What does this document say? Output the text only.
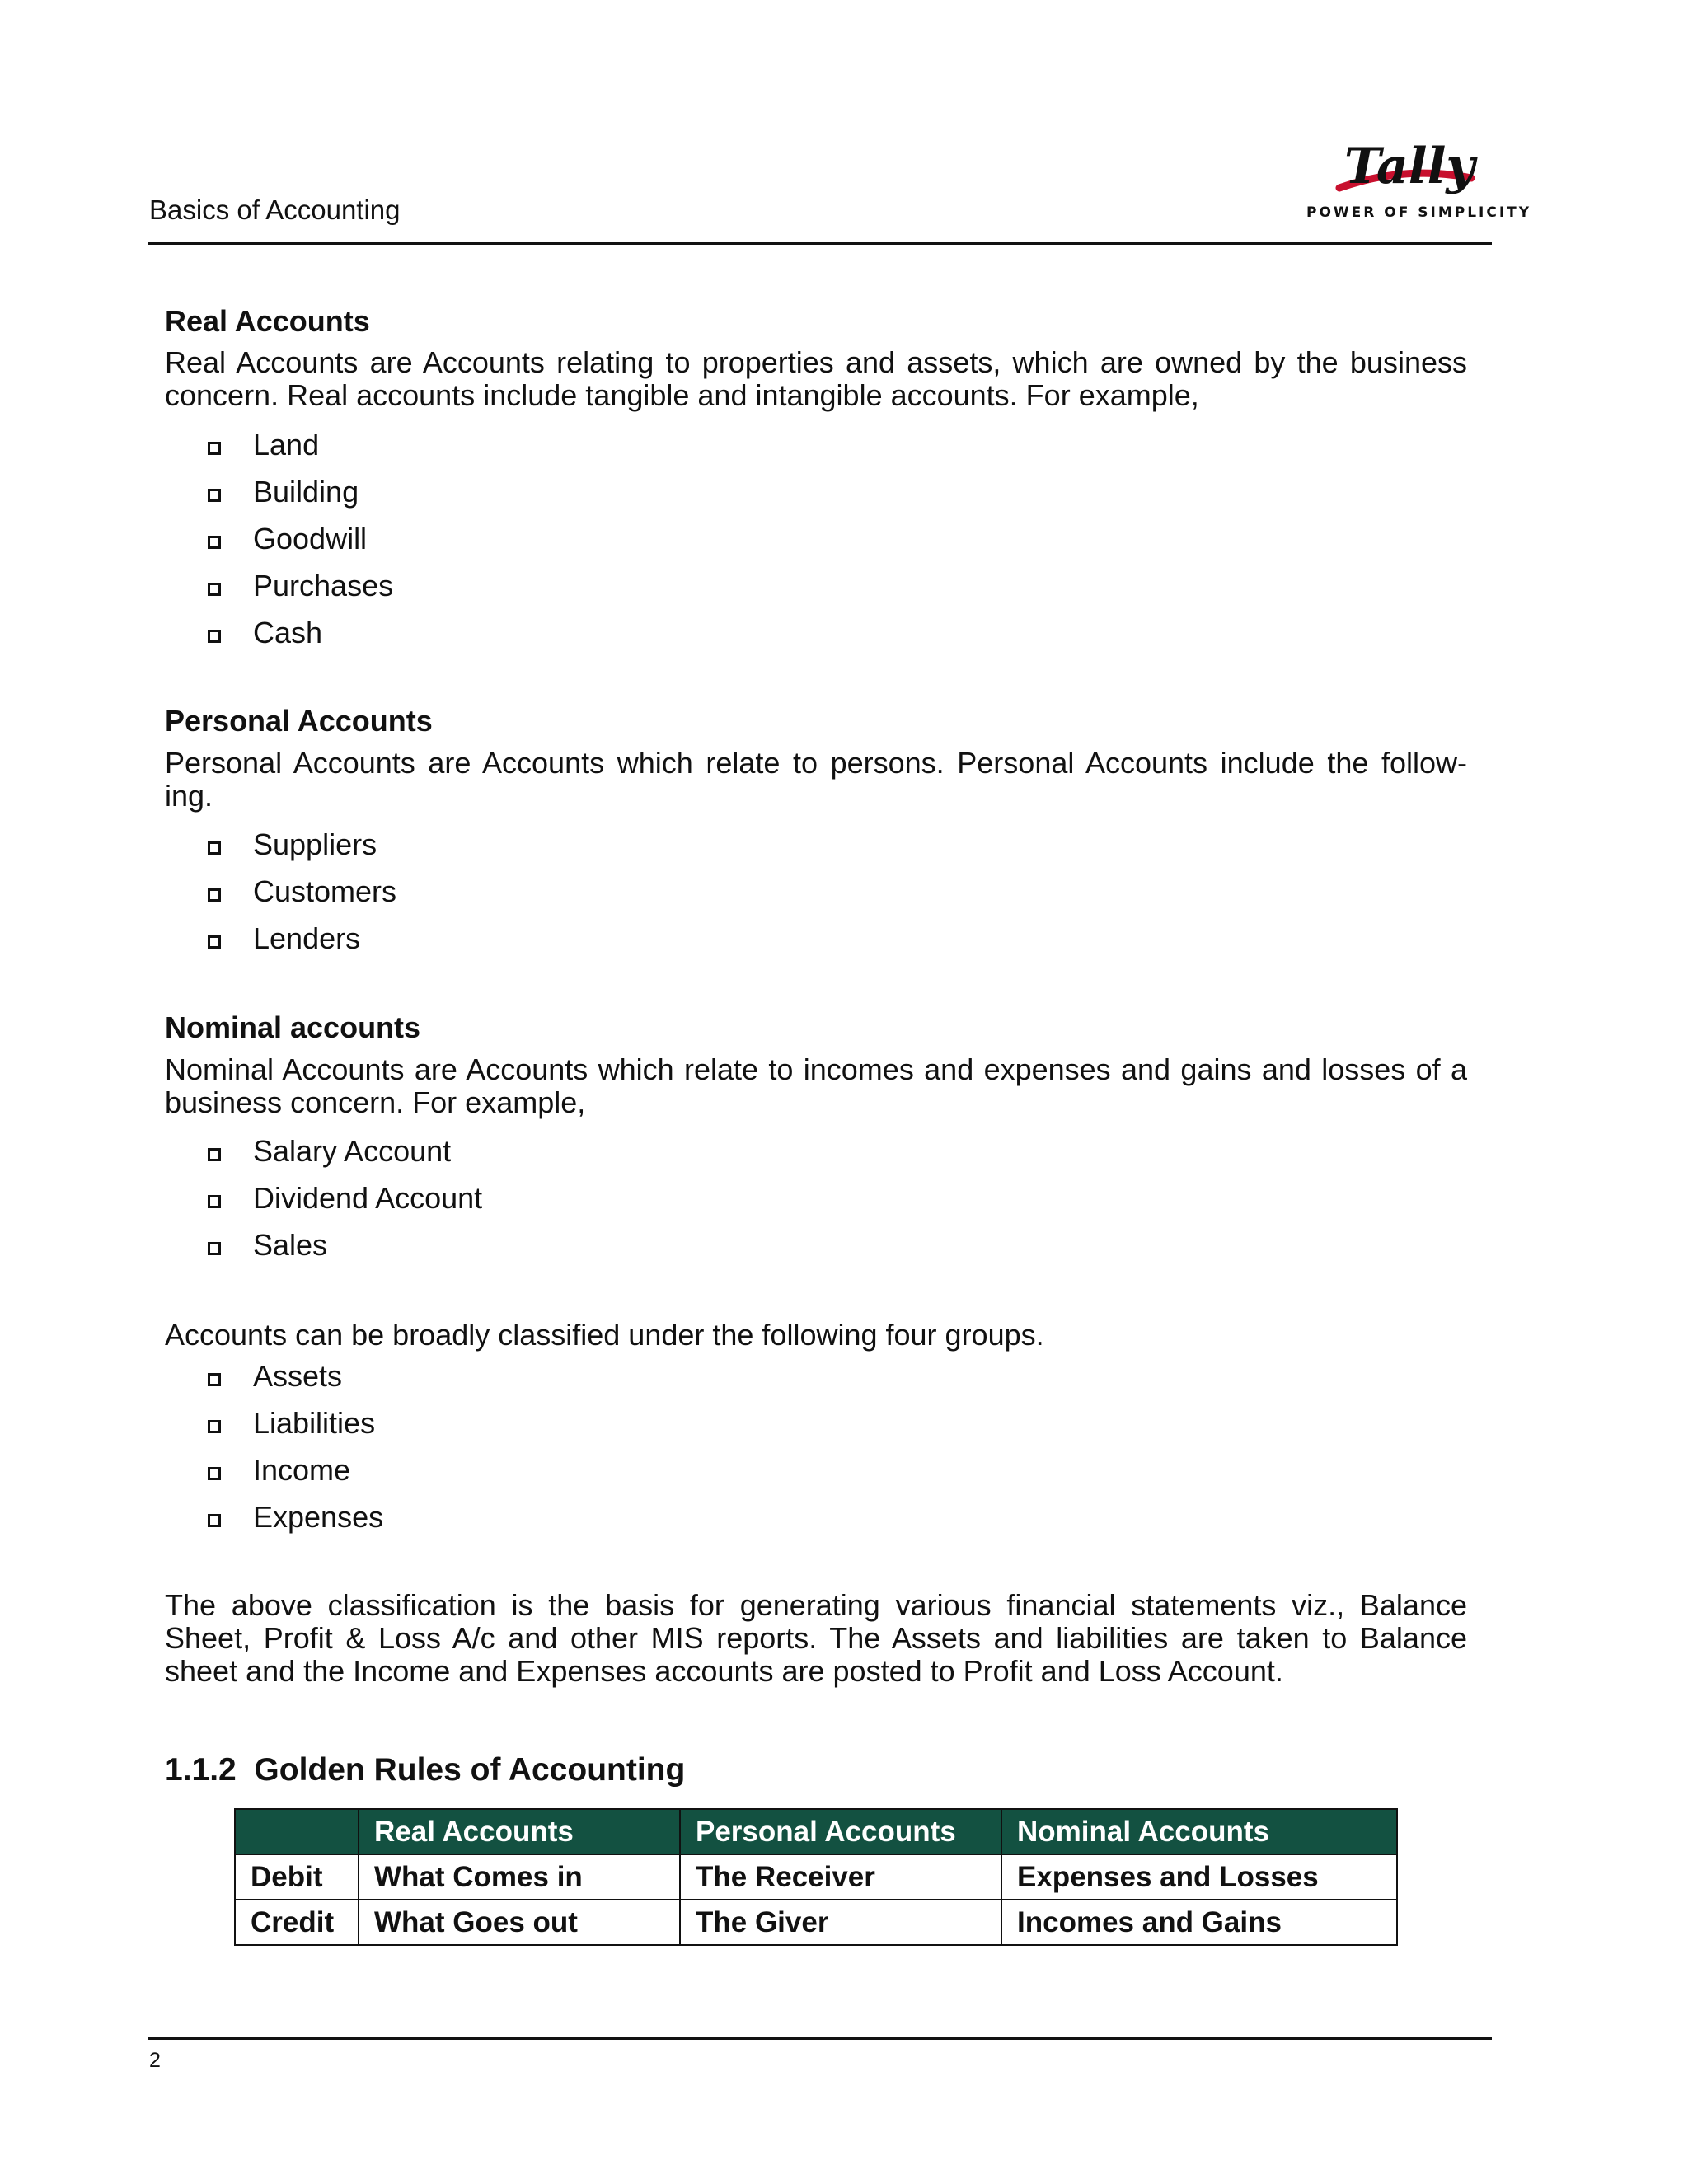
Basics of Accounting
Tally
POWER OF SIMPLICITY
Real Accounts
Real Accounts are Accounts relating to properties and assets, which are owned by the business concern. Real accounts include tangible and intangible accounts. For example,
Land
Building
Goodwill
Purchases
Cash
Personal Accounts
Personal Accounts are Accounts which relate to persons. Personal Accounts include the follow- ing.
Suppliers
Customers
Lenders
Nominal accounts
Nominal Accounts are Accounts which relate to incomes and expenses and gains and losses of a business concern. For example,
Salary Account
Dividend Account
Sales
Accounts can be broadly classified under the following four groups.
Assets
Liabilities
Income
Expenses
The above classification is the basis for generating various financial statements viz., Balance Sheet, Profit & Loss A/c and other MIS reports. The Assets and liabilities are taken to Balance sheet and the Income and Expenses accounts are posted to Profit and Loss Account.
1.1.2 Golden Rules of Accounting
	Real Accounts	Personal Accounts	Nominal Accounts
Debit	What Comes in	The Receiver	Expenses and Losses
Credit	What Goes out	The Giver	Incomes and Gains
2
